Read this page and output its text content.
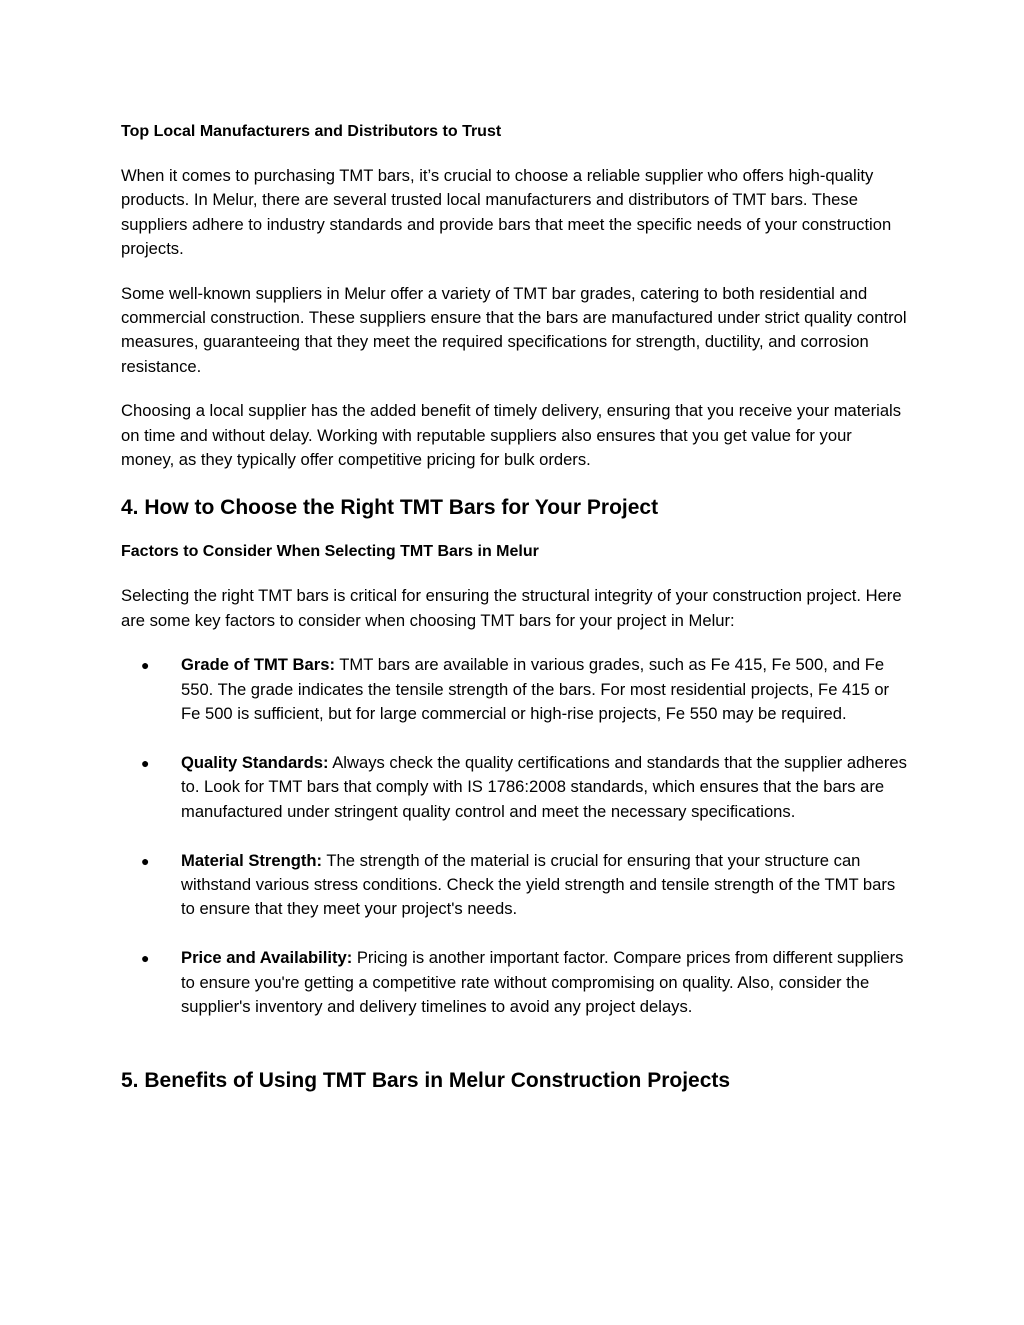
Top Local Manufacturers and Distributors to Trust

When it comes to purchasing TMT bars, it’s crucial to choose a reliable supplier who offers high-quality products. In Melur, there are several trusted local manufacturers and distributors of TMT bars. These suppliers adhere to industry standards and provide bars that meet the specific needs of your construction projects.

Some well-known suppliers in Melur offer a variety of TMT bar grades, catering to both residential and commercial construction. These suppliers ensure that the bars are manufactured under strict quality control measures, guaranteeing that they meet the required specifications for strength, ductility, and corrosion resistance.

Choosing a local supplier has the added benefit of timely delivery, ensuring that you receive your materials on time and without delay. Working with reputable suppliers also ensures that you get value for your money, as they typically offer competitive pricing for bulk orders.

4. How to Choose the Right TMT Bars for Your Project
Factors to Consider When Selecting TMT Bars in Melur

Selecting the right TMT bars is critical for ensuring the structural integrity of your construction project. Here are some key factors to consider when choosing TMT bars for your project in Melur:

● Grade of TMT Bars: TMT bars are available in various grades, such as Fe 415, Fe 500, and Fe 550. The grade indicates the tensile strength of the bars. For most residential projects, Fe 415 or Fe 500 is sufficient, but for large commercial or high-rise projects, Fe 550 may be required.
● Quality Standards: Always check the quality certifications and standards that the supplier adheres to. Look for TMT bars that comply with IS 1786:2008 standards, which ensures that the bars are manufactured under stringent quality control and meet the necessary specifications.
● Material Strength: The strength of the material is crucial for ensuring that your structure can withstand various stress conditions. Check the yield strength and tensile strength of the TMT bars to ensure that they meet your project's needs.
● Price and Availability: Pricing is another important factor. Compare prices from different suppliers to ensure you're getting a competitive rate without compromising on quality. Also, consider the supplier's inventory and delivery timelines to avoid any project delays.
5. Benefits of Using TMT Bars in Melur Construction Projects
